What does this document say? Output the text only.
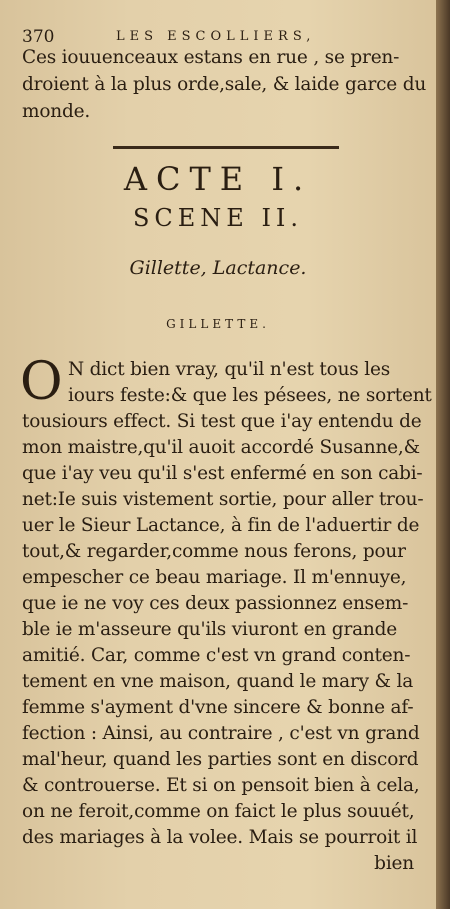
370	LES ESCOLLIERS,
Ces iouuenceaux estans en rue , se pren-
droient à la plus orde,sale, & laide garce du
monde.
ACTE I.
SCENE II.
Gillette, Lactance.
GILLETTE.
O N dict bien vray, qu'il n'est tous les
iours feste:& que les pésees, ne sortent
tousiours effect. Si test que i'ay entendu de
mon maistre,qu'il auoit accordé Susanne,&
que i'ay veu qu'il s'est enfermé en son cabi-
net:Ie suis vistement sortie, pour aller trou-
uer le Sieur Lactance, à fin de l'aduertir de
tout,& regarder,comme nous ferons, pour
empescher ce beau mariage. Il m'ennuye,
que ie ne voy ces deux passionnez ensem-
ble ie m'asseure qu'ils viuront en grande
amitié. Car, comme c'est vn grand conten-
tement en vne maison, quand le mary & la
femme s'ayment d'vne sincere & bonne af-
fection : Ainsi, au contraire , c'est vn grand
mal'heur, quand les parties sont en discord
& controuerse. Et si on pensoit bien à cela,
on ne feroit,comme on faict le plus souuét,
des mariages à la volee. Mais se pourroit il
bien
